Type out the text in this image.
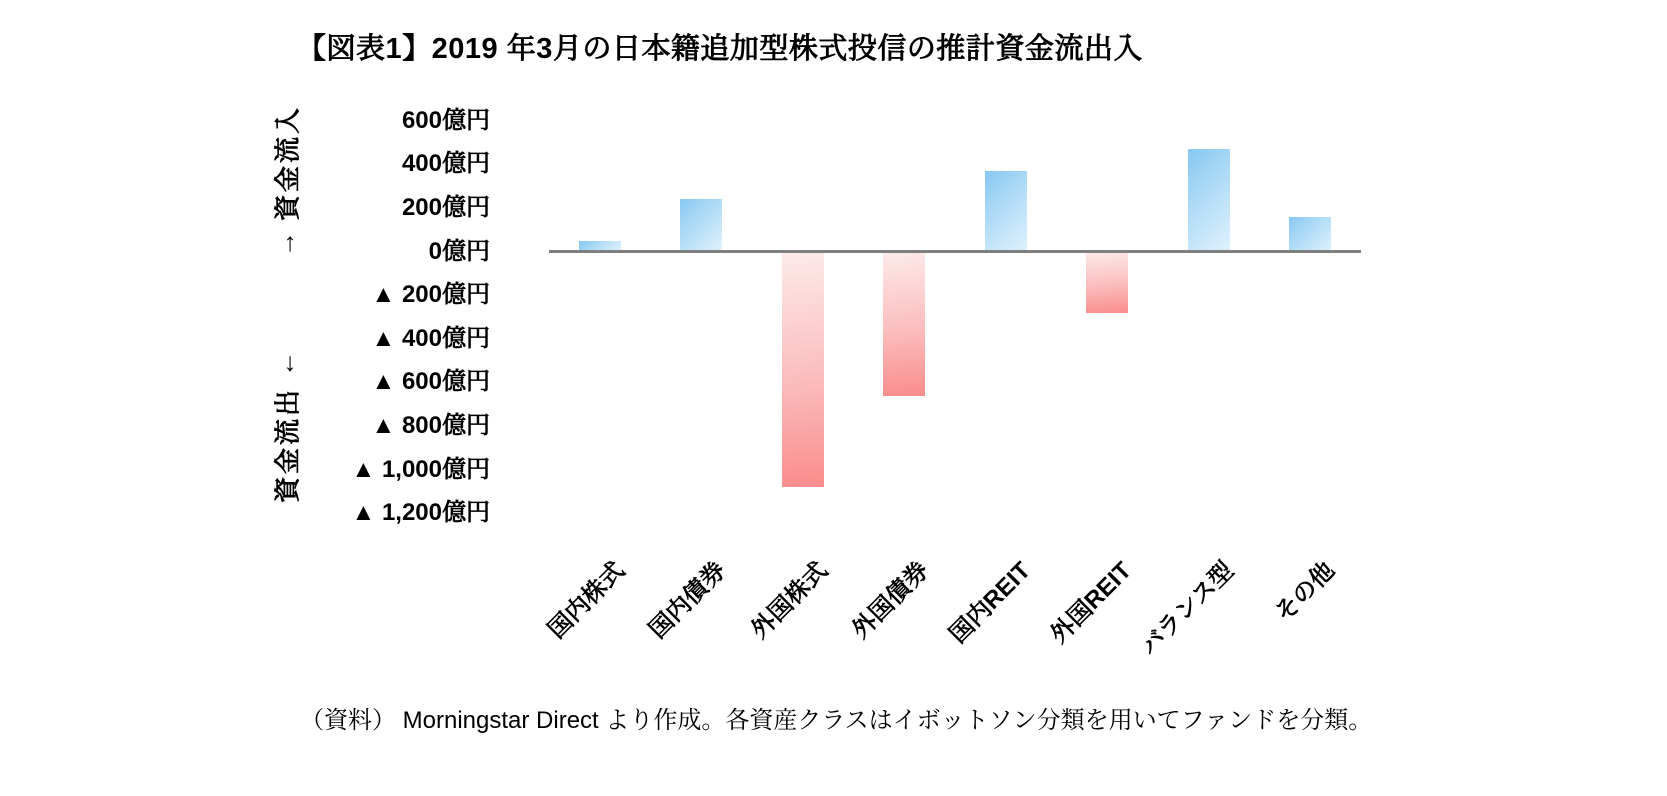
【図表1】2019 年3月の日本籍追加型株式投信の推計資金流出入
資金流出
←
→
資金流入	600億円
400億円
200億円
0億円
▲ 200億円
▲ 400億円
▲ 600億円
▲ 800億円
▲ 1,000億円
▲ 1,200億円
国内株式 国内債券 外国株式 外国債券 国内REIT 外国REIT
バランス型	その他
（資料） Morningstar Direct より作成。各資産クラスはイボットソン分類を用いてファンドを分類。
